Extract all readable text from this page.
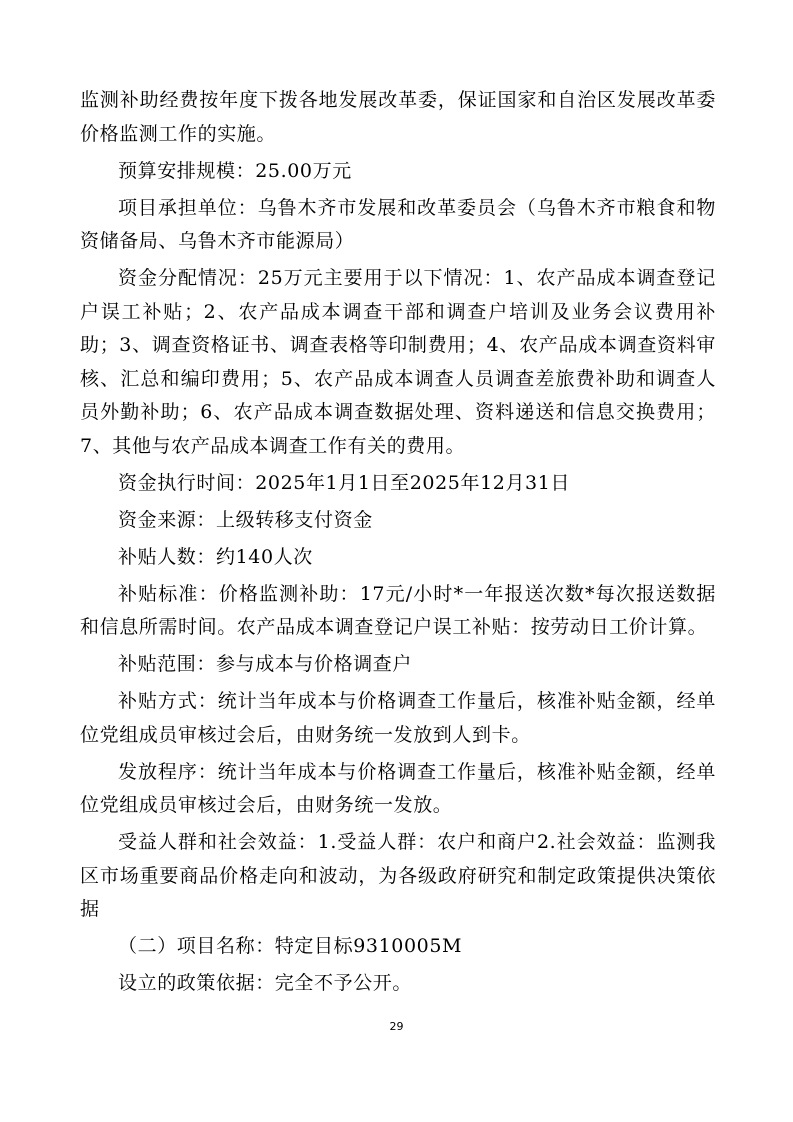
监测补助经费按年度下拨各地发展改革委，保证国家和自治区发展改革委价格监测工作的实施。

预算安排规模：25.00万元

项目承担单位：乌鲁木齐市发展和改革委员会（乌鲁木齐市粮食和物资储备局、乌鲁木齐市能源局）

资金分配情况：25万元主要用于以下情况：1、农产品成本调查登记户误工补贴；2、农产品成本调查干部和调查户培训及业务会议费用补助；3、调查资格证书、调查表格等印制费用；4、农产品成本调查资料审核、汇总和编印费用；5、农产品成本调查人员调查差旅费补助和调查人员外勤补助；6、农产品成本调查数据处理、资料递送和信息交换费用；7、其他与农产品成本调查工作有关的费用。

资金执行时间：2025年1月1日至2025年12月31日

资金来源：上级转移支付资金

补贴人数：约140人次

补贴标准：价格监测补助：17元/小时*一年报送次数*每次报送数据和信息所需时间。农产品成本调查登记户误工补贴：按劳动日工价计算。

补贴范围：参与成本与价格调查户

补贴方式：统计当年成本与价格调查工作量后，核准补贴金额，经单位党组成员审核过会后，由财务统一发放到人到卡。

发放程序：统计当年成本与价格调查工作量后，核准补贴金额，经单位党组成员审核过会后，由财务统一发放。

受益人群和社会效益：1.受益人群：农户和商户2.社会效益：监测我区市场重要商品价格走向和波动，为各级政府研究和制定政策提供决策依据

（二）项目名称：特定目标9310005M

设立的政策依据：完全不予公开。

29
